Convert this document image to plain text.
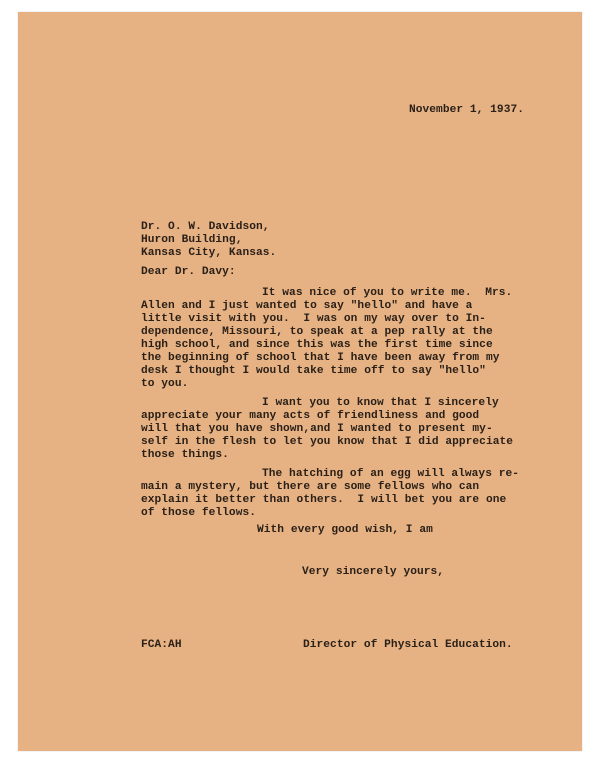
November 1, 1937.
Dr. O. W. Davidson,
Huron Building,
Kansas City, Kansas.
Dear Dr. Davy:
It was nice of you to write me.  Mrs.
Allen and I just wanted to say "hello" and have a
little visit with you.  I was on my way over to In-
dependence, Missouri, to speak at a pep rally at the
high school, and since this was the first time since
the beginning of school that I have been away from my
desk I thought I would take time off to say "hello"
to you.
I want you to know that I sincerely
appreciate your many acts of friendliness and good
will that you have shown,and I wanted to present my-
self in the flesh to let you know that I did appreciate
those things.
The hatching of an egg will always re-
main a mystery, but there are some fellows who can
explain it better than others.  I will bet you are one
of those fellows.
With every good wish, I am
Very sincerely yours,
FCA:AH	Director of Physical Education.
